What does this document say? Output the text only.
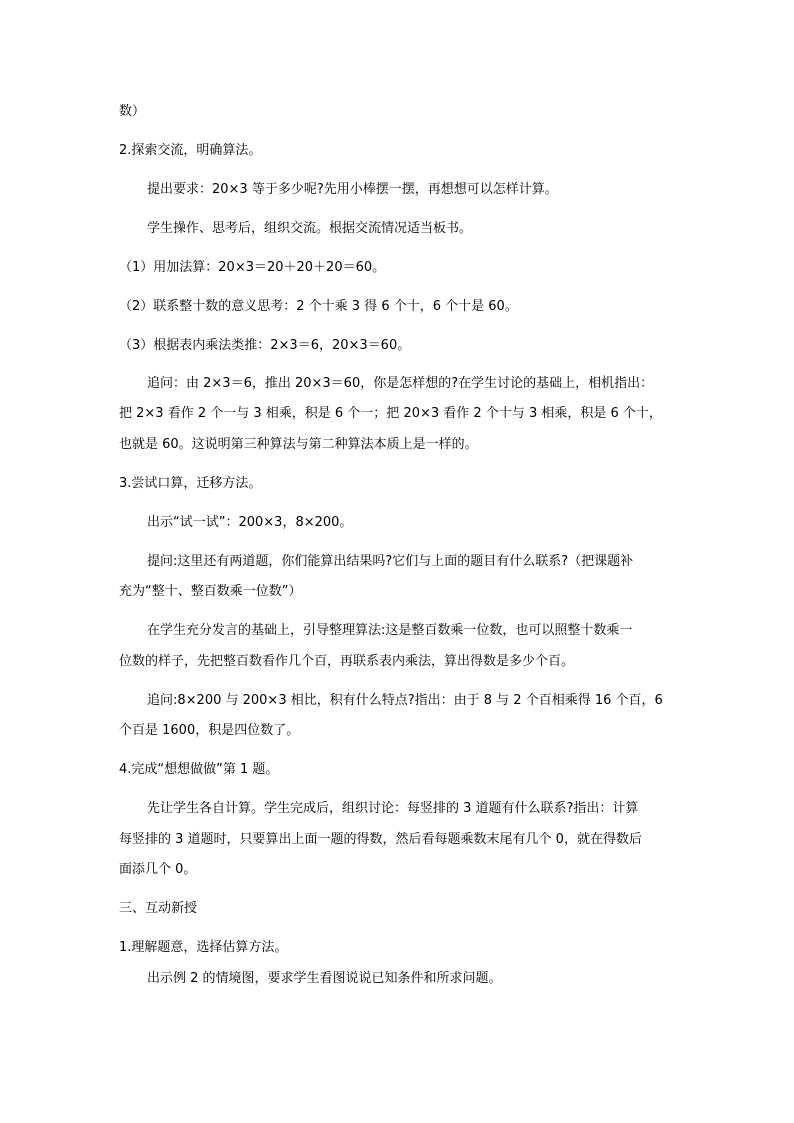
数）
2.探索交流，明确算法。
提出要求：20×3 等于多少呢?先用小棒摆一摆，再想想可以怎样计算。
学生操作、思考后，组织交流。根据交流情况适当板书。
（1）用加法算：20×3＝20＋20＋20＝60。
（2）联系整十数的意义思考：2 个十乘 3 得 6 个十，6 个十是 60。
（3）根据表内乘法类推：2×3＝6，20×3＝60。
追问：由 2×3＝6，推出 20×3＝60，你是怎样想的?在学生讨论的基础上，相机指出：
把 2×3 看作 2 个一与 3 相乘，积是 6 个一；把 20×3 看作 2 个十与 3 相乘，积是 6 个十，
也就是 60。这说明第三种算法与第二种算法本质上是一样的。
3.尝试口算，迁移方法。
出示“试一试”：200×3，8×200。
提问:这里还有两道题，你们能算出结果吗?它们与上面的题目有什么联系?（把课题补
充为“整十、整百数乘一位数”）
在学生充分发言的基础上，引导整理算法:这是整百数乘一位数，也可以照整十数乘一
位数的样子，先把整百数看作几个百，再联系表内乘法，算出得数是多少个百。
追问:8×200 与 200×3 相比，积有什么特点?指出：由于 8 与 2 个百相乘得 16 个百，6
个百是 1600，积是四位数了。
4.完成“想想做做”第 1 题。
先让学生各自计算。学生完成后，组织讨论：每竖排的 3 道题有什么联系?指出：计算
每竖排的 3 道题时，只要算出上面一题的得数，然后看每题乘数末尾有几个 0，就在得数后
面添几个 0。
三、互动新授
1.理解题意，选择估算方法。
出示例 2 的情境图，要求学生看图说说已知条件和所求问题。
